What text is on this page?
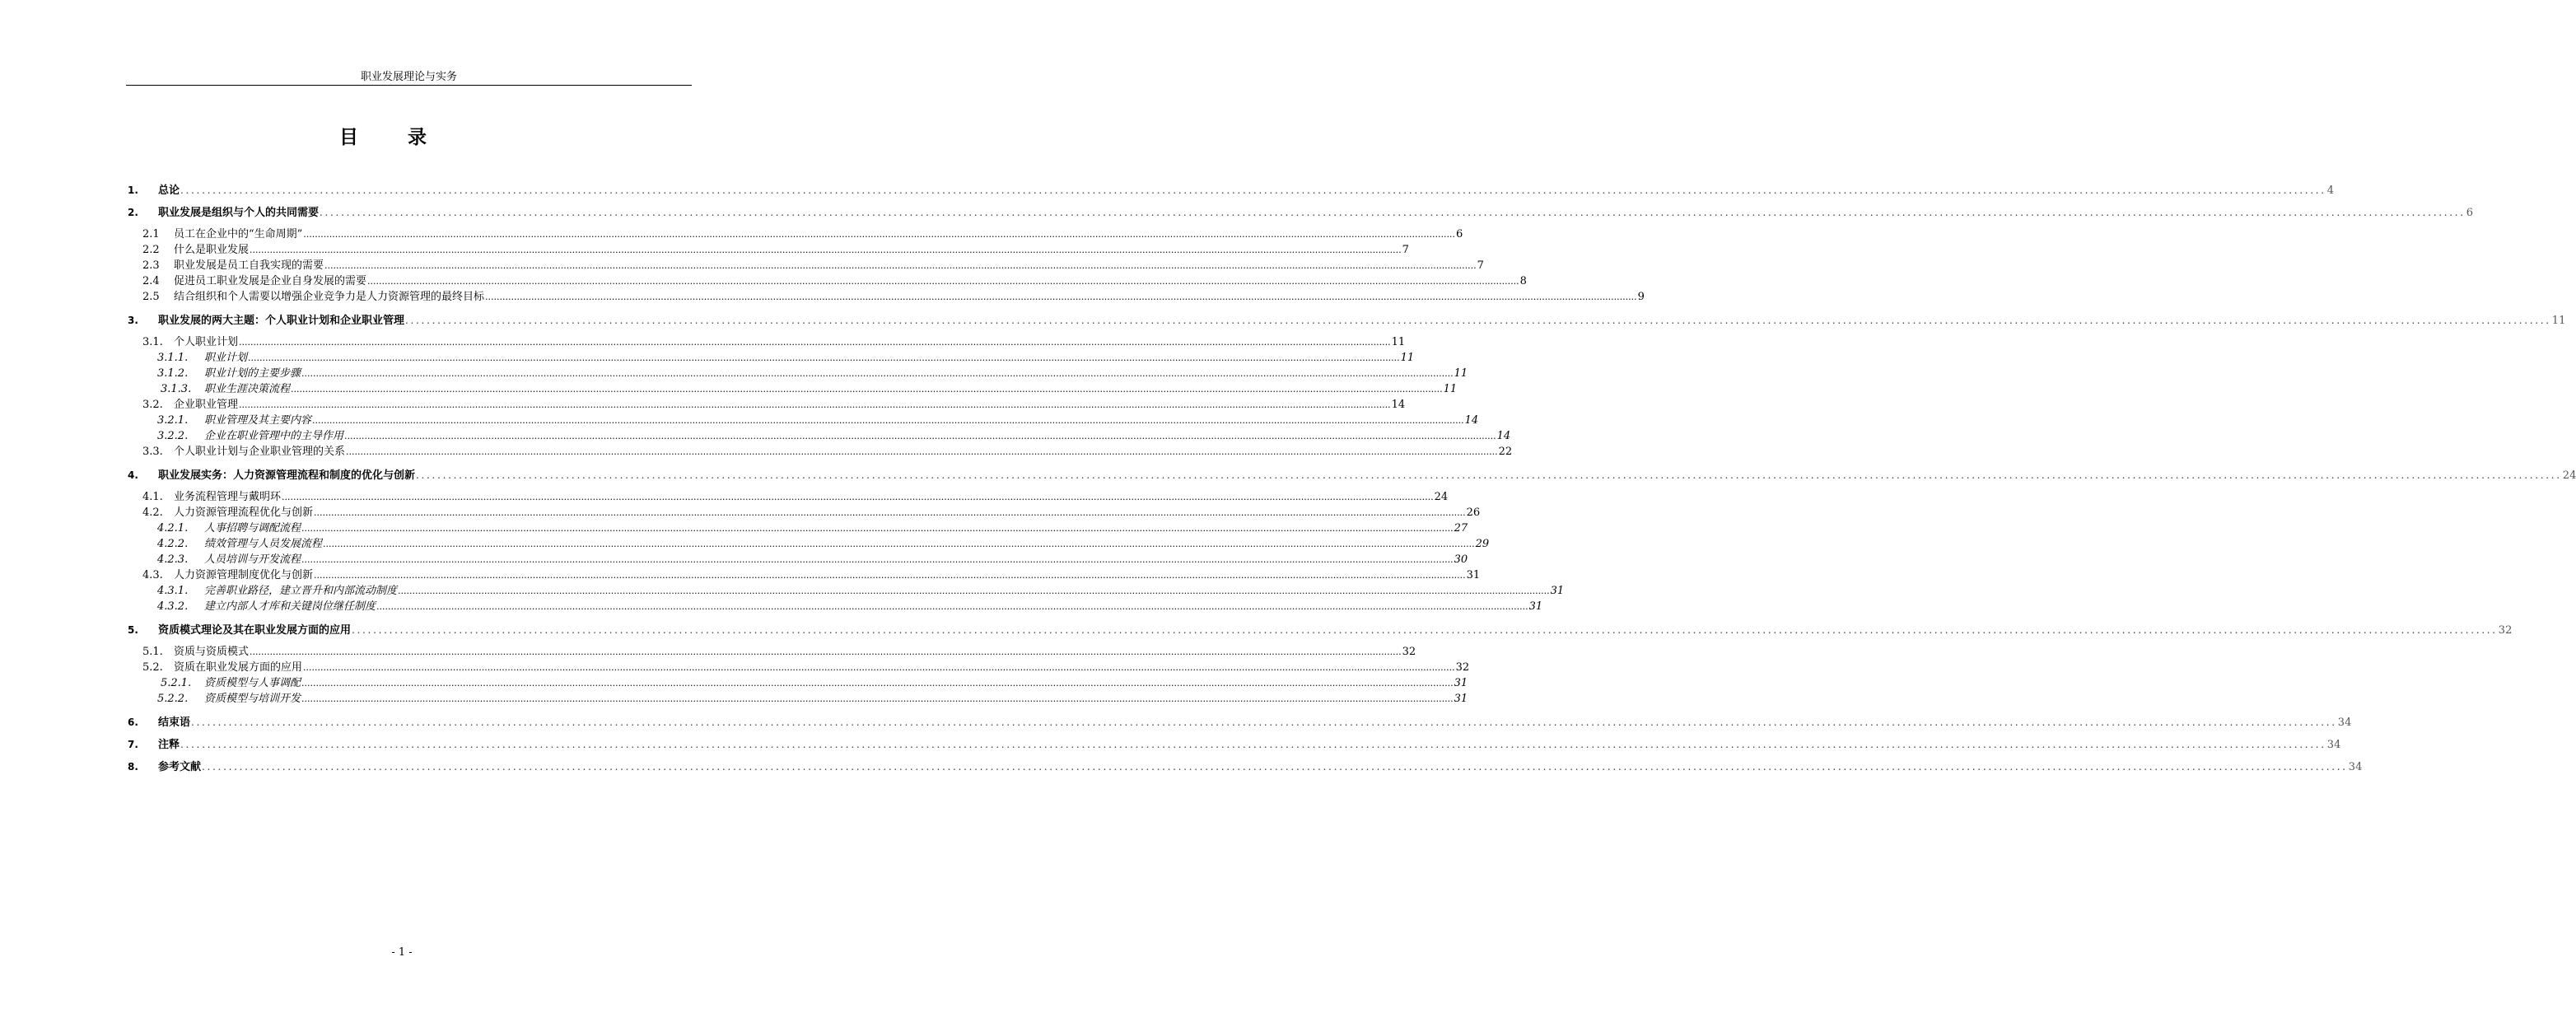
职业发展理论与实务
目录
1.	总论 ................................................................................................................................................................................................................................................................................................................................................................................................................ 4
2.	职业发展是组织与个人的共同需要 ................................................................................................................................................................................................................................................................................................................................................................................................................ 6
2.1	员工在企业中的“生命周期” ................................................................................................................................................................................................................................................................................................................................................................................................................ 6
2.2	什么是职业发展 ................................................................................................................................................................................................................................................................................................................................................................................................................ 7
2.3	职业发展是员工自我实现的需要 ................................................................................................................................................................................................................................................................................................................................................................................................................ 7
2.4	促进员工职业发展是企业自身发展的需要 ................................................................................................................................................................................................................................................................................................................................................................................................................ 8
2.5	结合组织和个人需要以增强企业竞争力是人力资源管理的最终目标 ................................................................................................................................................................................................................................................................................................................................................................................................................ 9
3.	职业发展的两大主题：个人职业计划和企业职业管理 ................................................................................................................................................................................................................................................................................................................................................................................................................ 11
3.1.	个人职业计划 ................................................................................................................................................................................................................................................................................................................................................................................................................ 11
3.1.1.	职业计划 ................................................................................................................................................................................................................................................................................................................................................................................................................ 11
3.1.2.	职业计划的主要步骤 ................................................................................................................................................................................................................................................................................................................................................................................................................ 11
3.1.3.	职业生涯决策流程 ................................................................................................................................................................................................................................................................................................................................................................................................................ 11
3.2.	企业职业管理 ................................................................................................................................................................................................................................................................................................................................................................................................................ 14
3.2.1.	职业管理及其主要内容 ................................................................................................................................................................................................................................................................................................................................................................................................................ 14
3.2.2.	企业在职业管理中的主导作用 ................................................................................................................................................................................................................................................................................................................................................................................................................ 14
3.3.	个人职业计划与企业职业管理的关系 ................................................................................................................................................................................................................................................................................................................................................................................................................ 22
4.	职业发展实务：人力资源管理流程和制度的优化与创新 ................................................................................................................................................................................................................................................................................................................................................................................................................ 24
4.1.	业务流程管理与戴明环 ................................................................................................................................................................................................................................................................................................................................................................................................................ 24
4.2.	人力资源管理流程优化与创新 ................................................................................................................................................................................................................................................................................................................................................................................................................ 26
4.2.1.	人事招聘与调配流程 ................................................................................................................................................................................................................................................................................................................................................................................................................ 27
4.2.2.	绩效管理与人员发展流程 ................................................................................................................................................................................................................................................................................................................................................................................................................ 29
4.2.3.	人员培训与开发流程 ................................................................................................................................................................................................................................................................................................................................................................................................................ 30
4.3.	人力资源管理制度优化与创新 ................................................................................................................................................................................................................................................................................................................................................................................................................ 31
4.3.1.	完善职业路径，建立晋升和内部流动制度 ................................................................................................................................................................................................................................................................................................................................................................................................................ 31
4.3.2.	建立内部人才库和关键岗位继任制度 ................................................................................................................................................................................................................................................................................................................................................................................................................ 31
5.	资质模式理论及其在职业发展方面的应用 ................................................................................................................................................................................................................................................................................................................................................................................................................ 32
5.1.	资质与资质模式 ................................................................................................................................................................................................................................................................................................................................................................................................................ 32
5.2.	资质在职业发展方面的应用 ................................................................................................................................................................................................................................................................................................................................................................................................................ 32
5.2.1.	资质模型与人事调配 ................................................................................................................................................................................................................................................................................................................................................................................................................ 31
5.2.2.	资质模型与培训开发 ................................................................................................................................................................................................................................................................................................................................................................................................................ 31
6.	结束语 ................................................................................................................................................................................................................................................................................................................................................................................................................ 34
7.	注释 ................................................................................................................................................................................................................................................................................................................................................................................................................ 34
8.	参考文献 ................................................................................................................................................................................................................................................................................................................................................................................................................ 34
- 1 -
